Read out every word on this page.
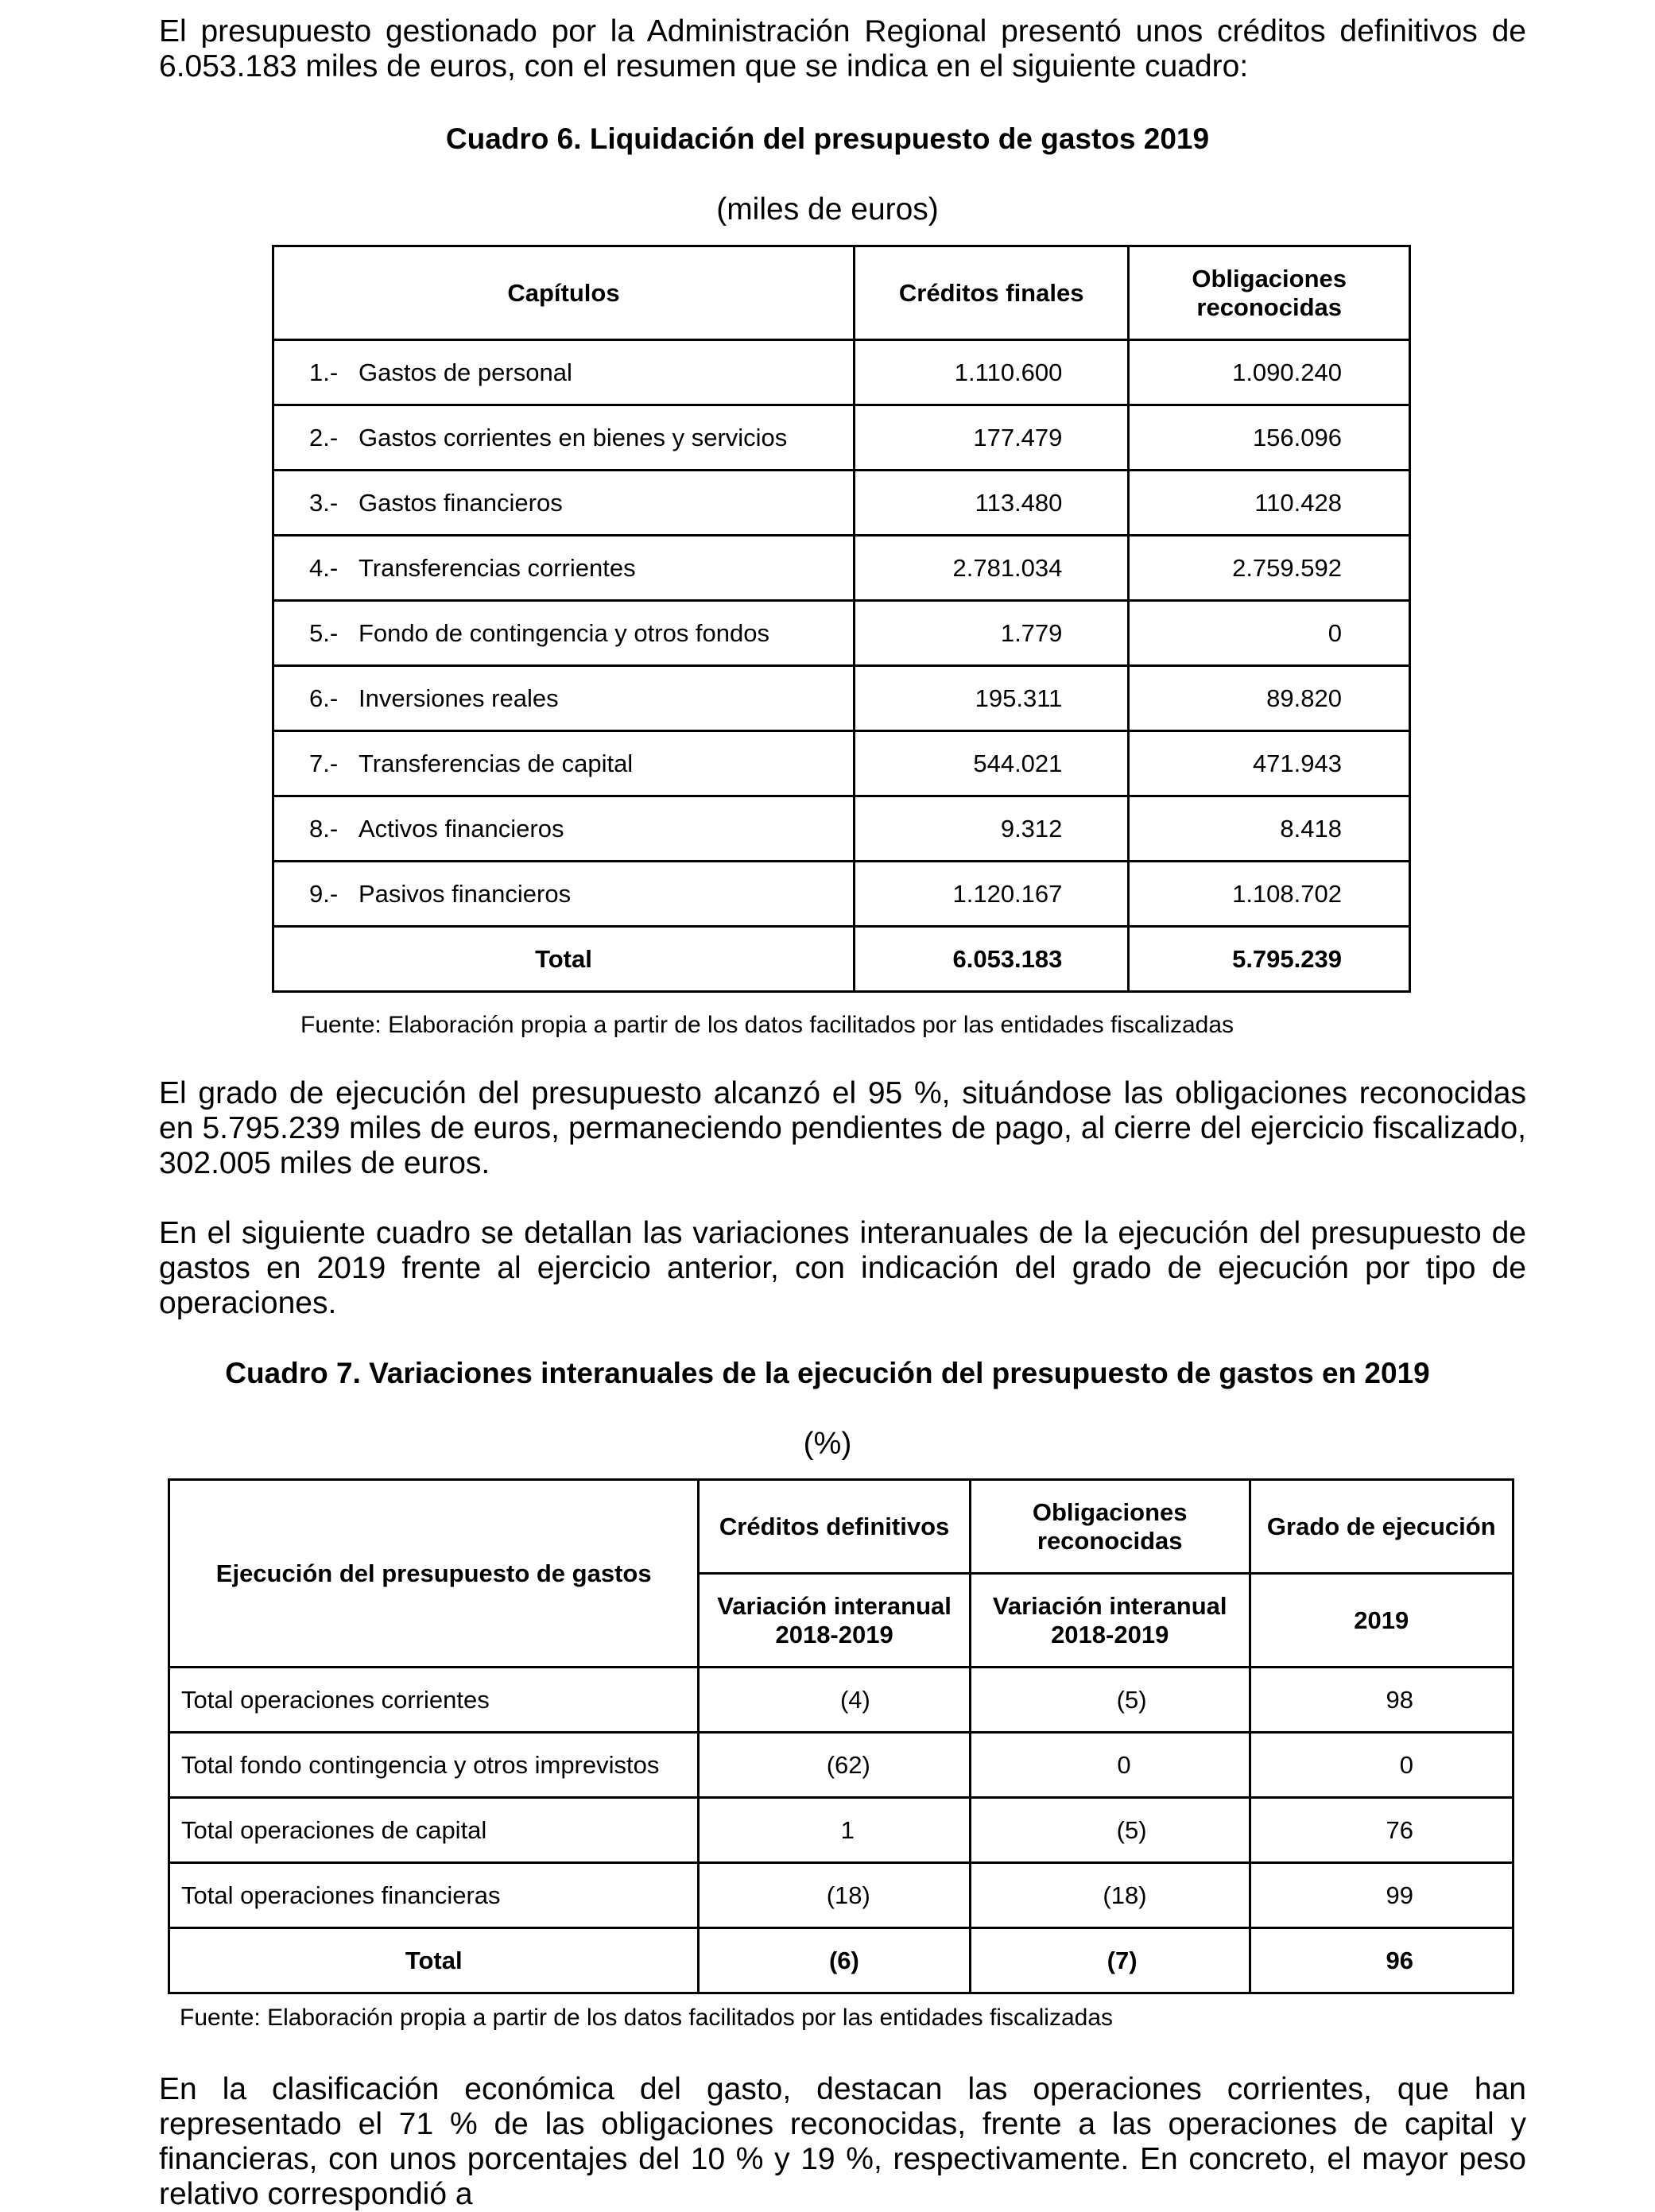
El presupuesto gestionado por la Administración Regional presentó unos créditos definitivos de 6.053.183 miles de euros, con el resumen que se indica en el siguiente cuadro:

Cuadro 6. Liquidación del presupuesto de gastos 2019

(miles de euros)

Capítulos	Créditos finales	Obligaciones reconocidas
1.- Gastos de personal	1.110.600	1.090.240
2.- Gastos corrientes en bienes y servicios	177.479	156.096
3.- Gastos financieros	113.480	110.428
4.- Transferencias corrientes	2.781.034	2.759.592
5.- Fondo de contingencia y otros fondos	1.779	0
6.- Inversiones reales	195.311	89.820
7.- Transferencias de capital	544.021	471.943
8.- Activos financieros	9.312	8.418
9.- Pasivos financieros	1.120.167	1.108.702
Total	6.053.183	5.795.239

Fuente: Elaboración propia a partir de los datos facilitados por las entidades fiscalizadas

El grado de ejecución del presupuesto alcanzó el 95 %, situándose las obligaciones reconocidas en 5.795.239 miles de euros, permaneciendo pendientes de pago, al cierre del ejercicio fiscalizado, 302.005 miles de euros.

En el siguiente cuadro se detallan las variaciones interanuales de la ejecución del presupuesto de gastos en 2019 frente al ejercicio anterior, con indicación del grado de ejecución por tipo de operaciones.

Cuadro 7. Variaciones interanuales de la ejecución del presupuesto de gastos en 2019

(%)

Ejecución del presupuesto de gastos	Créditos definitivos	Obligaciones reconocidas	Grado de ejecución
	Variación interanual 2018-2019	Variación interanual 2018-2019	2019
Total operaciones corrientes	(4)	(5)	98
Total fondo contingencia y otros imprevistos	(62)	0	0
Total operaciones de capital	1	(5)	76
Total operaciones financieras	(18)	(18)	99
Total	(6)	(7)	96

Fuente: Elaboración propia a partir de los datos facilitados por las entidades fiscalizadas

En la clasificación económica del gasto, destacan las operaciones corrientes, que han representado el 71 % de las obligaciones reconocidas, frente a las operaciones de capital y financieras, con unos porcentajes del 10 % y 19 %, respectivamente. En concreto, el mayor peso relativo correspondió a
